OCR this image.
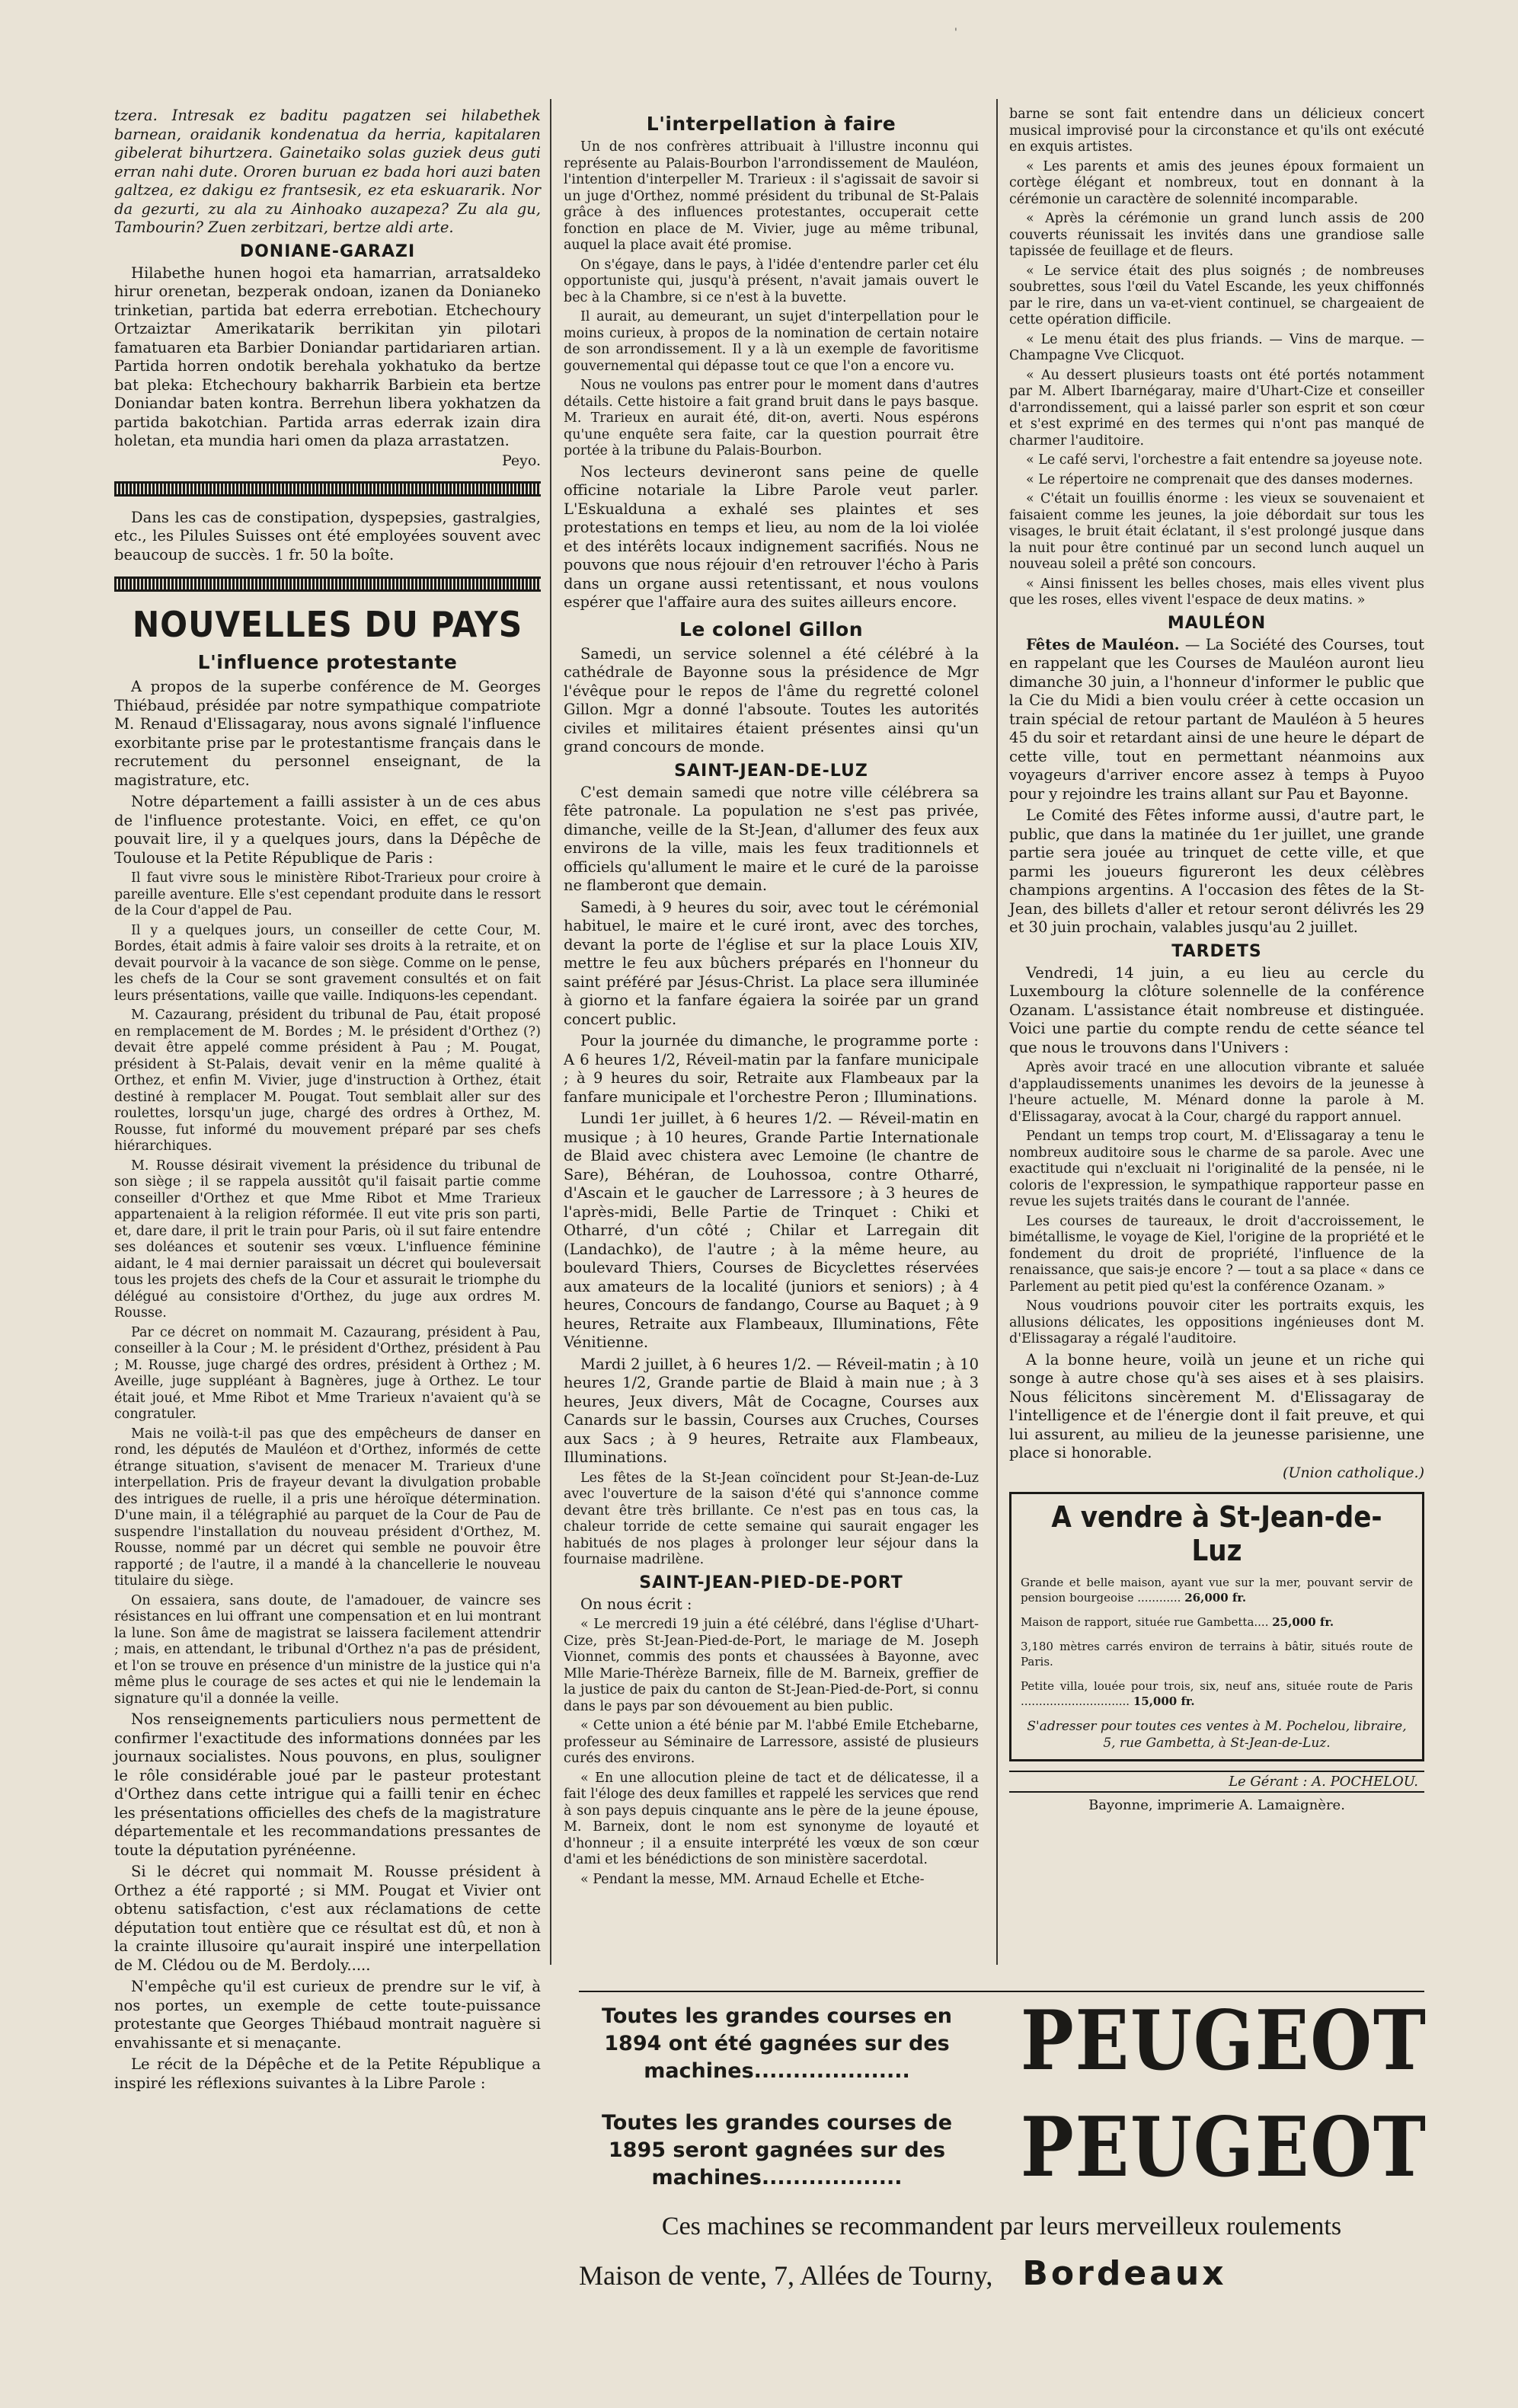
'

tzera. Intresak ez baditu pagatzen sei hilabethek barnean, oraidanik kondenatua da herria, kapitalaren gibelerat bihurtzera. Gainetaiko solas guziek deus guti erran nahi dute. Ororen buruan ez bada hori auzi baten galtzea, ez dakigu ez frantsesik, ez eta eskuararik. Nor da gezurti, zu ala zu Ainhoako auzapeza? Zu ala gu, Tambourin? Zuen zerbitzari, bertze aldi arte.

DONIANE-GARAZI

Hilabethe hunen hogoi eta hamarrian, arratsaldeko hirur orenetan, bezperak ondoan, izanen da Donianeko trinketian, partida bat ederra errebotian. Etchechoury Ortzaiztar Amerikatarik berrikitan yin pilotari famatuaren eta Barbier Doniandar partidariaren artian. Partida horren ondotik berehala yokhatuko da bertze bat pleka: Etchechoury bakharrik Barbiein eta bertze Doniandar baten kontra. Berrehun libera yokhatzen da partida bakotchian. Partida arras ederrak izain dira holetan, eta mundia hari omen da plaza arrastatzen.

Peyo.

Dans les cas de constipation, dyspepsies, gastralgies, etc., les Pilules Suisses ont été employées souvent avec beaucoup de succès. 1 fr. 50 la boîte.

NOUVELLES DU PAYS
L'influence protestante

A propos de la superbe conférence de M. Georges Thiébaud, présidée par notre sympathique compatriote M. Renaud d'Elissagaray, nous avons signalé l'influence exorbitante prise par le protestantisme français dans le recrutement du personnel enseignant, de la magistrature, etc.

Notre département a failli assister à un de ces abus de l'influence protestante. Voici, en effet, ce qu'on pouvait lire, il y a quelques jours, dans la Dépêche de Toulouse et la Petite République de Paris :

Il faut vivre sous le ministère Ribot-Trarieux pour croire à pareille aventure. Elle s'est cependant produite dans le ressort de la Cour d'appel de Pau.

Il y a quelques jours, un conseiller de cette Cour, M. Bordes, était admis à faire valoir ses droits à la retraite, et on devait pourvoir à la vacance de son siège. Comme on le pense, les chefs de la Cour se sont gravement consultés et on fait leurs présentations, vaille que vaille. Indiquons-les cependant.

M. Cazaurang, président du tribunal de Pau, était proposé en remplacement de M. Bordes ; M. le président d'Orthez (?) devait être appelé comme président à Pau ; M. Pougat, président à St-Palais, devait venir en la même qualité à Orthez, et enfin M. Vivier, juge d'instruction à Orthez, était destiné à remplacer M. Pougat. Tout semblait aller sur des roulettes, lorsqu'un juge, chargé des ordres à Orthez, M. Rousse, fut informé du mouvement préparé par ses chefs hiérarchiques.

M. Rousse désirait vivement la présidence du tribunal de son siège ; il se rappela aussitôt qu'il faisait partie comme conseiller d'Orthez et que Mme Ribot et Mme Trarieux appartenaient à la religion réformée. Il eut vite pris son parti, et, dare dare, il prit le train pour Paris, où il sut faire entendre ses doléances et soutenir ses vœux. L'influence féminine aidant, le 4 mai dernier paraissait un décret qui bouleversait tous les projets des chefs de la Cour et assurait le triomphe du délégué au consistoire d'Orthez, du juge aux ordres M. Rousse.

Par ce décret on nommait M. Cazaurang, président à Pau, conseiller à la Cour ; M. le président d'Orthez, président à Pau ; M. Rousse, juge chargé des ordres, président à Orthez ; M. Aveille, juge suppléant à Bagnères, juge à Orthez. Le tour était joué, et Mme Ribot et Mme Trarieux n'avaient qu'à se congratuler.

Mais ne voilà-t-il pas que des empêcheurs de danser en rond, les députés de Mauléon et d'Orthez, informés de cette étrange situation, s'avisent de menacer M. Trarieux d'une interpellation. Pris de frayeur devant la divulgation probable des intrigues de ruelle, il a pris une héroïque détermination. D'une main, il a télégraphié au parquet de la Cour de Pau de suspendre l'installation du nouveau président d'Orthez, M. Rousse, nommé par un décret qui semble ne pouvoir être rapporté ; de l'autre, il a mandé à la chancellerie le nouveau titulaire du siège.

On essaiera, sans doute, de l'amadouer, de vaincre ses résistances en lui offrant une compensation et en lui montrant la lune. Son âme de magistrat se laissera facilement attendrir ; mais, en attendant, le tribunal d'Orthez n'a pas de président, et l'on se trouve en présence d'un ministre de la justice qui n'a même plus le courage de ses actes et qui nie le lendemain la signature qu'il a donnée la veille.

Nos renseignements particuliers nous permettent de confirmer l'exactitude des informations données par les journaux socialistes. Nous pouvons, en plus, souligner le rôle considérable joué par le pasteur protestant d'Orthez dans cette intrigue qui a failli tenir en échec les présentations officielles des chefs de la magistrature départementale et les recommandations pressantes de toute la députation pyrénéenne.

Si le décret qui nommait M. Rousse président à Orthez a été rapporté ; si MM. Pougat et Vivier ont obtenu satisfaction, c'est aux réclamations de cette députation tout entière que ce résultat est dû, et non à la crainte illusoire qu'aurait inspiré une interpellation de M. Clédou ou de M. Berdoly.....

N'empêche qu'il est curieux de prendre sur le vif, à nos portes, un exemple de cette toute-puissance protestante que Georges Thiébaud montrait naguère si envahissante et si menaçante.

Le récit de la Dépêche et de la Petite République a inspiré les réflexions suivantes à la Libre Parole :

L'interpellation à faire

Un de nos confrères attribuait à l'illustre inconnu qui représente au Palais-Bourbon l'arrondissement de Mauléon, l'intention d'interpeller M. Trarieux : il s'agissait de savoir si un juge d'Orthez, nommé président du tribunal de St-Palais grâce à des influences protestantes, occuperait cette fonction en place de M. Vivier, juge au même tribunal, auquel la place avait été promise.

On s'égaye, dans le pays, à l'idée d'entendre parler cet élu opportuniste qui, jusqu'à présent, n'avait jamais ouvert le bec à la Chambre, si ce n'est à la buvette.

Il aurait, au demeurant, un sujet d'interpellation pour le moins curieux, à propos de la nomination de certain notaire de son arrondissement. Il y a là un exemple de favoritisme gouvernemental qui dépasse tout ce que l'on a encore vu.

Nous ne voulons pas entrer pour le moment dans d'autres détails. Cette histoire a fait grand bruit dans le pays basque. M. Trarieux en aurait été, dit-on, averti. Nous espérons qu'une enquête sera faite, car la question pourrait être portée à la tribune du Palais-Bourbon.

Nos lecteurs devineront sans peine de quelle officine notariale la Libre Parole veut parler. L'Eskualduna a exhalé ses plaintes et ses protestations en temps et lieu, au nom de la loi violée et des intérêts locaux indignement sacrifiés. Nous ne pouvons que nous réjouir d'en retrouver l'écho à Paris dans un organe aussi retentissant, et nous voulons espérer que l'affaire aura des suites ailleurs encore.

Le colonel Gillon

Samedi, un service solennel a été célébré à la cathédrale de Bayonne sous la présidence de Mgr l'évêque pour le repos de l'âme du regretté colonel Gillon. Mgr a donné l'absoute. Toutes les autorités civiles et militaires étaient présentes ainsi qu'un grand concours de monde.

SAINT-JEAN-DE-LUZ

C'est demain samedi que notre ville célébrera sa fête patronale. La population ne s'est pas privée, dimanche, veille de la St-Jean, d'allumer des feux aux environs de la ville, mais les feux traditionnels et officiels qu'allument le maire et le curé de la paroisse ne flamberont que demain.

Samedi, à 9 heures du soir, avec tout le cérémonial habituel, le maire et le curé iront, avec des torches, devant la porte de l'église et sur la place Louis XIV, mettre le feu aux bûchers préparés en l'honneur du saint préféré par Jésus-Christ. La place sera illuminée à giorno et la fanfare égaiera la soirée par un grand concert public.

Pour la journée du dimanche, le programme porte : A 6 heures 1/2, Réveil-matin par la fanfare municipale ; à 9 heures du soir, Retraite aux Flambeaux par la fanfare municipale et l'orchestre Peron ; Illuminations.

Lundi 1er juillet, à 6 heures 1/2. — Réveil-matin en musique ; à 10 heures, Grande Partie Internationale de Blaid avec chistera avec Lemoine (le chantre de Sare), Béhéran, de Louhossoa, contre Otharré, d'Ascain et le gaucher de Larressore ; à 3 heures de l'après-midi, Belle Partie de Trinquet : Chiki et Otharré, d'un côté ; Chilar et Larregain dit (Landachko), de l'autre ; à la même heure, au boulevard Thiers, Courses de Bicyclettes réservées aux amateurs de la localité (juniors et seniors) ; à 4 heures, Concours de fandango, Course au Baquet ; à 9 heures, Retraite aux Flambeaux, Illuminations, Fête Vénitienne.

Mardi 2 juillet, à 6 heures 1/2. — Réveil-matin ; à 10 heures 1/2, Grande partie de Blaid à main nue ; à 3 heures, Jeux divers, Mât de Cocagne, Courses aux Canards sur le bassin, Courses aux Cruches, Courses aux Sacs ; à 9 heures, Retraite aux Flambeaux, Illuminations.

Les fêtes de la St-Jean coïncident pour St-Jean-de-Luz avec l'ouverture de la saison d'été qui s'annonce comme devant être très brillante. Ce n'est pas en tous cas, la chaleur torride de cette semaine qui saurait engager les habitués de nos plages à prolonger leur séjour dans la fournaise madrilène.

SAINT-JEAN-PIED-DE-PORT

On nous écrit :

« Le mercredi 19 juin a été célébré, dans l'église d'Uhart-Cize, près St-Jean-Pied-de-Port, le mariage de M. Joseph Vionnet, commis des ponts et chaussées à Bayonne, avec Mlle Marie-Thérèze Barneix, fille de M. Barneix, greffier de la justice de paix du canton de St-Jean-Pied-de-Port, si connu dans le pays par son dévouement au bien public.

« Cette union a été bénie par M. l'abbé Emile Etchebarne, professeur au Séminaire de Larressore, assisté de plusieurs curés des environs.

« En une allocution pleine de tact et de délicatesse, il a fait l'éloge des deux familles et rappelé les services que rend à son pays depuis cinquante ans le père de la jeune épouse, M. Barneix, dont le nom est synonyme de loyauté et d'honneur ; il a ensuite interprété les vœux de son cœur d'ami et les bénédictions de son ministère sacerdotal.

« Pendant la messe, MM. Arnaud Echelle et Etche-

barne se sont fait entendre dans un délicieux concert musical improvisé pour la circonstance et qu'ils ont exécuté en exquis artistes.

« Les parents et amis des jeunes époux formaient un cortège élégant et nombreux, tout en donnant à la cérémonie un caractère de solennité incomparable.

« Après la cérémonie un grand lunch assis de 200 couverts réunissait les invités dans une grandiose salle tapissée de feuillage et de fleurs.

« Le service était des plus soignés ; de nombreuses soubrettes, sous l'œil du Vatel Escande, les yeux chiffonnés par le rire, dans un va-et-vient continuel, se chargeaient de cette opération difficile.

« Le menu était des plus friands. — Vins de marque. — Champagne Vve Clicquot.

« Au dessert plusieurs toasts ont été portés notamment par M. Albert Ibarnégaray, maire d'Uhart-Cize et conseiller d'arrondissement, qui a laissé parler son esprit et son cœur et s'est exprimé en des termes qui n'ont pas manqué de charmer l'auditoire.

« Le café servi, l'orchestre a fait entendre sa joyeuse note.

« Le répertoire ne comprenait que des danses modernes.

« C'était un fouillis énorme : les vieux se souvenaient et faisaient comme les jeunes, la joie débordait sur tous les visages, le bruit était éclatant, il s'est prolongé jusque dans la nuit pour être continué par un second lunch auquel un nouveau soleil a prêté son concours.

« Ainsi finissent les belles choses, mais elles vivent plus que les roses, elles vivent l'espace de deux matins. »

MAULÉON

Fêtes de Mauléon. — La Société des Courses, tout en rappelant que les Courses de Mauléon auront lieu dimanche 30 juin, a l'honneur d'informer le public que la Cie du Midi a bien voulu créer à cette occasion un train spécial de retour partant de Mauléon à 5 heures 45 du soir et retardant ainsi de une heure le départ de cette ville, tout en permettant néanmoins aux voyageurs d'arriver encore assez à temps à Puyoo pour y rejoindre les trains allant sur Pau et Bayonne.

Le Comité des Fêtes informe aussi, d'autre part, le public, que dans la matinée du 1er juillet, une grande partie sera jouée au trinquet de cette ville, et que parmi les joueurs figureront les deux célèbres champions argentins. A l'occasion des fêtes de la St-Jean, des billets d'aller et retour seront délivrés les 29 et 30 juin prochain, valables jusqu'au 2 juillet.

TARDETS

Vendredi, 14 juin, a eu lieu au cercle du Luxembourg la clôture solennelle de la conférence Ozanam. L'assistance était nombreuse et distinguée. Voici une partie du compte rendu de cette séance tel que nous le trouvons dans l'Univers :

Après avoir tracé en une allocution vibrante et saluée d'applaudissements unanimes les devoirs de la jeunesse à l'heure actuelle, M. Ménard donne la parole à M. d'Elissagaray, avocat à la Cour, chargé du rapport annuel.

Pendant un temps trop court, M. d'Elissagaray a tenu le nombreux auditoire sous le charme de sa parole. Avec une exactitude qui n'excluait ni l'originalité de la pensée, ni le coloris de l'expression, le sympathique rapporteur passe en revue les sujets traités dans le courant de l'année.

Les courses de taureaux, le droit d'accroissement, le bimétallisme, le voyage de Kiel, l'origine de la propriété et le fondement du droit de propriété, l'influence de la renaissance, que sais-je encore ? — tout a sa place « dans ce Parlement au petit pied qu'est la conférence Ozanam. »

Nous voudrions pouvoir citer les portraits exquis, les allusions délicates, les oppositions ingénieuses dont M. d'Elissagaray a régalé l'auditoire.

A la bonne heure, voilà un jeune et un riche qui songe à autre chose qu'à ses aises et à ses plaisirs. Nous félicitons sincèrement M. d'Elissagaray de l'intelligence et de l'énergie dont il fait preuve, et qui lui assurent, au milieu de la jeunesse parisienne, une place si honorable.

(Union catholique.)
A vendre à St-Jean-de-Luz

Grande et belle maison, ayant vue sur la mer, pouvant servir de pension bourgeoise ............ 26,000 fr.

Maison de rapport, située rue Gambetta.... 25,000 fr.

3,180 mètres carrés environ de terrains à bâtir, situés route de Paris.

Petite villa, louée pour trois, six, neuf ans, située route de Paris .............................. 15,000 fr.

S'adresser pour toutes ces ventes à M. Pochelou, libraire, 5, rue Gambetta, à St-Jean-de-Luz.
Le Gérant : A. POCHELOU.
Bayonne, imprimerie A. Lamaignère.
Toutes les grandes courses en 1894 ont été gagnées sur des machines....................	PEUGEOT
Toutes les grandes courses de 1895 seront gagnées sur des machines..................	PEUGEOT
Ces machines se recommandent par leurs merveilleux roulements
Maison de vente, 7, Allées de Tourny, Bordeaux
